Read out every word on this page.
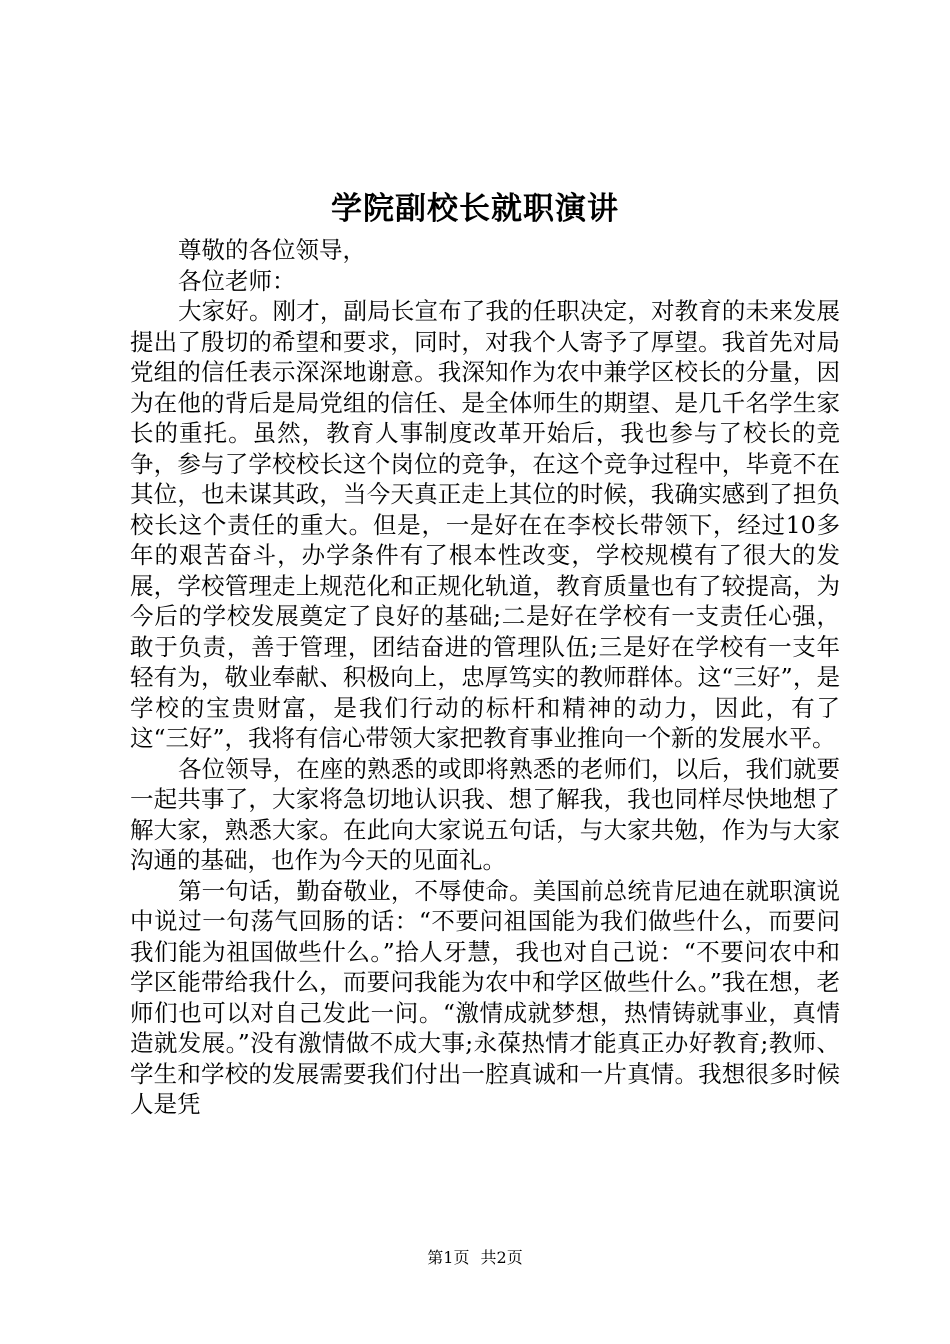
学院副校长就职演讲

尊敬的各位领导，

各位老师：

大家好。刚才，副局长宣布了我的任职决定，对教育的未来发展提出了殷切的希望和要求，同时，对我个人寄予了厚望。我首先对局党组的信任表示深深地谢意。我深知作为农中兼学区校长的分量，因为在他的背后是局党组的信任、是全体师生的期望、是几千名学生家长的重托。虽然，教育人事制度改革开始后，我也参与了校长的竞争，参与了学校校长这个岗位的竞争，在这个竞争过程中，毕竟不在其位，也未谋其政，当今天真正走上其位的时候，我确实感到了担负校长这个责任的重大。但是，一是好在在李校长带领下，经过10多年的艰苦奋斗，办学条件有了根本性改变，学校规模有了很大的发展，学校管理走上规范化和正规化轨道，教育质量也有了较提高，为今后的学校发展奠定了良好的基础;二是好在学校有一支责任心强，敢于负责，善于管理，团结奋进的管理队伍;三是好在学校有一支年轻有为，敬业奉献、积极向上，忠厚笃实的教师群体。这“三好”，是学校的宝贵财富，是我们行动的标杆和精神的动力，因此，有了这“三好”，我将有信心带领大家把教育事业推向一个新的发展水平。

各位领导，在座的熟悉的或即将熟悉的老师们，以后，我们就要一起共事了，大家将急切地认识我、想了解我，我也同样尽快地想了解大家，熟悉大家。在此向大家说五句话，与大家共勉，作为与大家沟通的基础，也作为今天的见面礼。

第一句话，勤奋敬业，不辱使命。美国前总统肯尼迪在就职演说中说过一句荡气回肠的话：“不要问祖国能为我们做些什么，而要问我们能为祖国做些什么。”拾人牙慧，我也对自己说：“不要问农中和学区能带给我什么，而要问我能为农中和学区做些什么。”我在想，老师们也可以对自己发此一问。“激情成就梦想，热情铸就事业，真情造就发展。”没有激情做不成大事;永葆热情才能真正办好教育;教师、学生和学校的发展需要我们付出一腔真诚和一片真情。我想很多时候人是凭

第1页 共2页
